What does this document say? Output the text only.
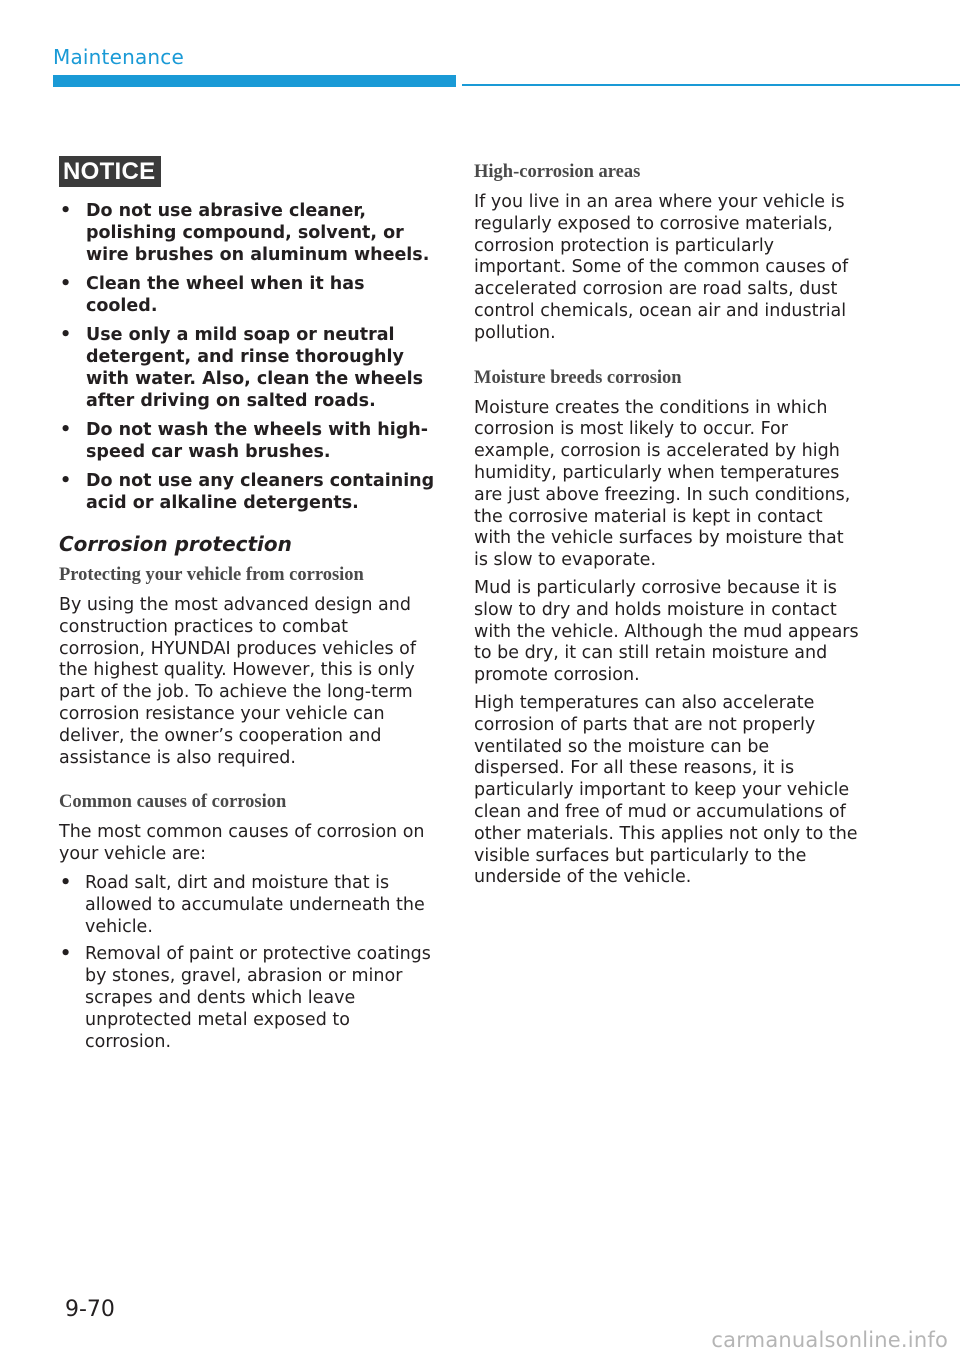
Maintenance
NOTICE
• Do not use abrasive cleaner, polishing compound, solvent, or wire brushes on aluminum wheels.
• Clean the wheel when it has cooled.
• Use only a mild soap or neutral detergent, and rinse thoroughly with water. Also, clean the wheels after driving on salted roads.
• Do not wash the wheels with high-speed car wash brushes.
• Do not use any cleaners containing acid or alkaline detergents.
Corrosion protection
Protecting your vehicle from corrosion

By using the most advanced design and construction practices to combat corrosion, HYUNDAI produces vehicles of the highest quality. However, this is only part of the job. To achieve the long-term corrosion resistance your vehicle can deliver, the owner’s cooperation and assistance is also required.

Common causes of corrosion

The most common causes of corrosion on your vehicle are:

• Road salt, dirt and moisture that is allowed to accumulate underneath the vehicle.
• Removal of paint or protective coatings by stones, gravel, abrasion or minor scrapes and dents which leave unprotected metal exposed to corrosion.
High-corrosion areas

If you live in an area where your vehicle is regularly exposed to corrosive materials, corrosion protection is particularly important. Some of the common causes of accelerated corrosion are road salts, dust control chemicals, ocean air and industrial pollution.

Moisture breeds corrosion

Moisture creates the conditions in which corrosion is most likely to occur. For example, corrosion is accelerated by high humidity, particularly when temperatures are just above freezing. In such conditions, the corrosive material is kept in contact with the vehicle surfaces by moisture that is slow to evaporate.

Mud is particularly corrosive because it is slow to dry and holds moisture in contact with the vehicle. Although the mud appears to be dry, it can still retain moisture and promote corrosion.

High temperatures can also accelerate corrosion of parts that are not properly ventilated so the moisture can be dispersed. For all these reasons, it is particularly important to keep your vehicle clean and free of mud or accumulations of other materials. This applies not only to the visible surfaces but particularly to the underside of the vehicle.

9-70
carmanualsonline.info
